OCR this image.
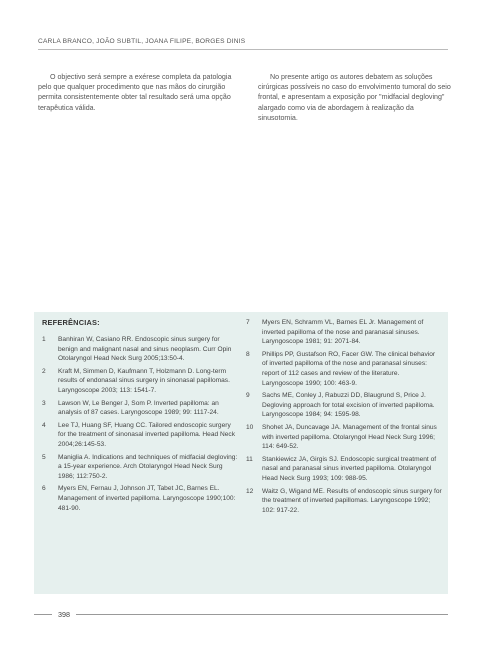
CARLA BRANCO, JOÃO SUBTIL, JOANA FILIPE, BORGES DINIS

O objectivo será sempre a exérese completa da patologia pelo que qualquer procedimento que nas mãos do cirurgião permita consistentemente obter tal resultado será uma opção terapêutica válida.

No presente artigo os autores debatem as soluções cirúrgicas possíveis no caso do envolvimento tumoral do seio frontal, e apresentam a exposição por "midfacial degloving" alargado como via de abordagem à realização da sinusotomia.

REFERÊNCIAS:
1	Banhiran W, Casiano RR. Endoscopic sinus surgery for benign and malignant nasal and sinus neoplasm. Curr Opin Otolaryngol Head Neck Surg 2005;13:50-4.
2	Kraft M, Simmen D, Kaufmann T, Holzmann D. Long-term results of endonasal sinus surgery in sinonasal papillomas. Laryngoscope 2003; 113: 1541-7.
3	Lawson W, Le Benger J, Som P. Inverted papilloma: an analysis of 87 cases. Laryngoscope 1989; 99: 1117-24.
4	Lee TJ, Huang SF, Huang CC. Tailored endoscopic surgery for the treatment of sinonasal inverted papilloma. Head Neck 2004;26:145-53.
5	Maniglia A. Indications and techniques of midfacial degloving: a 15-year experience. Arch Otolaryngol Head Neck Surg 1986; 112:750-2.
6	Myers EN, Fernau J, Johnson JT, Tabet JC, Barnes EL. Management of inverted papilloma. Laryngoscope 1990;100: 481-90.
7	Myers EN, Schramm VL, Barnes EL Jr. Management of inverted papilloma of the nose and paranasal sinuses. Laryngoscope 1981; 91: 2071-84.
8	Phillips PP, Gustafson RO, Facer GW. The clinical behavior of inverted papilloma of the nose and paranasal sinuses: report of 112 cases and review of the literature. Laryngoscope 1990; 100: 463-9.
9	Sachs ME, Conley J, Rabuzzi DD, Blaugrund S, Price J. Degloving approach for total excision of inverted papilloma. Laryngoscope 1984; 94: 1595-98.
10	Shohet JA, Duncavage JA. Management of the frontal sinus with inverted papilloma. Otolaryngol Head Neck Surg 1996; 114: 649-52.
11	Stankiewicz JA, Girgis SJ. Endoscopic surgical treatment of nasal and paranasal sinus inverted papilloma. Otolaryngol Head Neck Surg 1993; 109: 988-95.
12	Waitz G, Wigand ME. Results of endoscopic sinus surgery for the treatment of inverted papillomas. Laryngoscope 1992; 102: 917-22.
398
